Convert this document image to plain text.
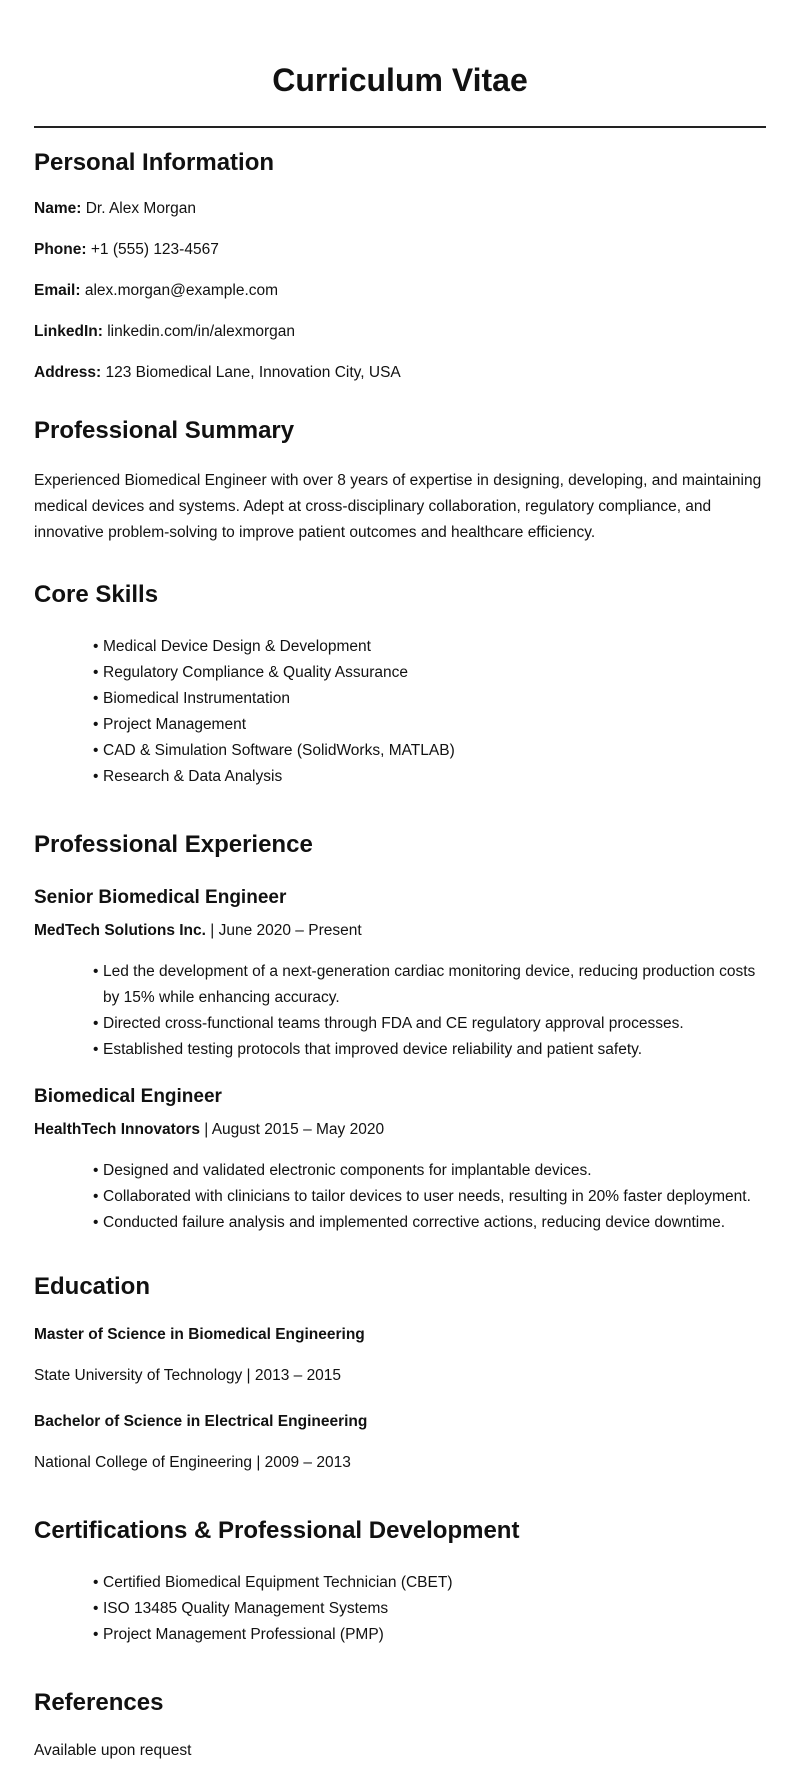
Curriculum Vitae
Personal Information

Name: Dr. Alex Morgan

Phone: +1 (555) 123-4567

Email: alex.morgan@example.com

LinkedIn: linkedin.com/in/alexmorgan

Address: 123 Biomedical Lane, Innovation City, USA

Professional Summary

Experienced Biomedical Engineer with over 8 years of expertise in designing, developing, and maintaining medical devices and systems. Adept at cross-disciplinary collaboration, regulatory compliance, and innovative problem-solving to improve patient outcomes and healthcare efficiency.

Core Skills
• Medical Device Design & Development
• Regulatory Compliance & Quality Assurance
• Biomedical Instrumentation
• Project Management
• CAD & Simulation Software (SolidWorks, MATLAB)
• Research & Data Analysis
Professional Experience
Senior Biomedical Engineer

MedTech Solutions Inc. | June 2020 – Present

• Led the development of a next-generation cardiac monitoring device, reducing production costs by 15% while enhancing accuracy.
• Directed cross-functional teams through FDA and CE regulatory approval processes.
• Established testing protocols that improved device reliability and patient safety.
Biomedical Engineer

HealthTech Innovators | August 2015 – May 2020

• Designed and validated electronic components for implantable devices.
• Collaborated with clinicians to tailor devices to user needs, resulting in 20% faster deployment.
• Conducted failure analysis and implemented corrective actions, reducing device downtime.
Education

Master of Science in Biomedical Engineering

State University of Technology | 2013 – 2015

Bachelor of Science in Electrical Engineering

National College of Engineering | 2009 – 2013

Certifications & Professional Development
• Certified Biomedical Equipment Technician (CBET)
• ISO 13485 Quality Management Systems
• Project Management Professional (PMP)
References

Available upon request
